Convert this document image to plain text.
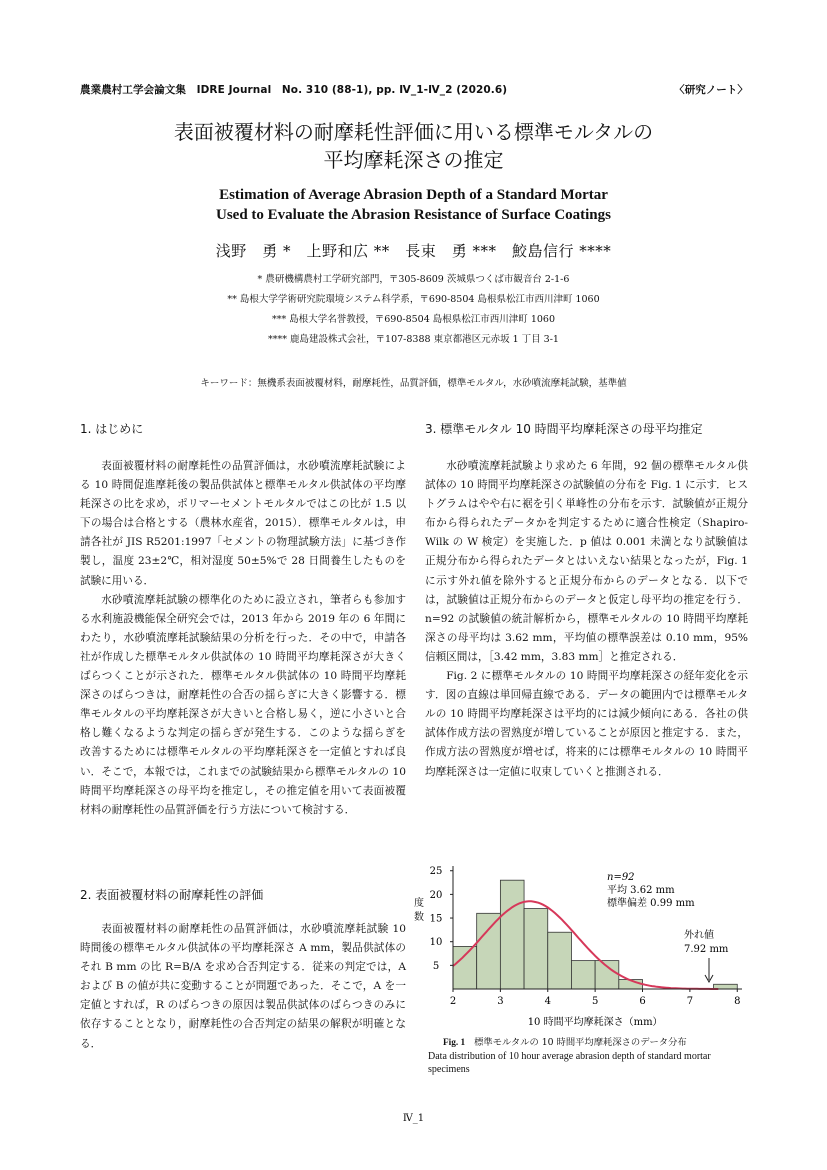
農業農村工学会論文集　IDRE Journal　No. 310 (88-1), pp. Ⅳ_1-Ⅳ_2 (2020.6)	〈研究ノート〉
表面被覆材料の耐摩耗性評価に用いる標準モルタルの
平均摩耗深さの推定
Estimation of Average Abrasion Depth of a Standard Mortar
Used to Evaluate the Abrasion Resistance of Surface Coatings
浅野　勇 *　上野和広 **　長束　勇 ***　鮫島信行 ****
* 農研機構農村工学研究部門，〒305-8609 茨城県つくば市観音台 2-1-6
** 島根大学学術研究院環境システム科学系，〒690-8504 島根県松江市西川津町 1060
*** 島根大学名誉教授，〒690-8504 島根県松江市西川津町 1060
**** 鹿島建設株式会社，〒107-8388 東京都港区元赤坂 1 丁目 3-1
キーワード：無機系表面被覆材料，耐摩耗性，品質評価，標準モルタル，水砂噴流摩耗試験，基準値
1. はじめに

表面被覆材料の耐摩耗性の品質評価は，水砂噴流摩耗試験による 10 時間促進摩耗後の製品供試体と標準モルタル供試体の平均摩耗深さの比を求め，ポリマーセメントモルタルではこの比が 1.5 以下の場合は合格とする（農林水産省，2015）．標準モルタルは，申請各社が JIS R5201:1997「セメントの物理試験方法」に基づき作製し，温度 23±2℃，相対湿度 50±5%で 28 日間養生したものを試験に用いる．

水砂噴流摩耗試験の標準化のために設立され，筆者らも参加する水利施設機能保全研究会では，2013 年から 2019 年の 6 年間にわたり，水砂噴流摩耗試験結果の分析を行った．その中で，申請各社が作成した標準モルタル供試体の 10 時間平均摩耗深さが大きくばらつくことが示された．標準モルタル供試体の 10 時間平均摩耗深さのばらつきは，耐摩耗性の合否の揺らぎに大きく影響する．標準モルタルの平均摩耗深さが大きいと合格し易く，逆に小さいと合格し難くなるような判定の揺らぎが発生する．このような揺らぎを改善するためには標準モルタルの平均摩耗深さを一定値とすれば良い．そこで，本報では，これまでの試験結果から標準モルタルの 10 時間平均摩耗深さの母平均を推定し，その推定値を用いて表面被覆材料の耐摩耗性の品質評価を行う方法について検討する．

2. 表面被覆材料の耐摩耗性の評価

表面被覆材料の耐摩耗性の品質評価は，水砂噴流摩耗試験 10 時間後の標準モルタル供試体の平均摩耗深さ A mm，製品供試体のそれ B mm の比 R=B/A を求め合否判定する．従来の判定では，A および B の値が共に変動することが問題であった．そこで，A を一定値とすれば，R のばらつきの原因は製品供試体のばらつきのみに依存することとなり，耐摩耗性の合否判定の結果の解釈が明確となる．

3. 標準モルタル 10 時間平均摩耗深さの母平均推定

水砂噴流摩耗試験より求めた 6 年間，92 個の標準モルタル供試体の 10 時間平均摩耗深さの試験値の分布を Fig. 1 に示す．ヒストグラムはやや右に裾を引く単峰性の分布を示す．試験値が正規分布から得られたデータかを判定するために適合性検定（Shapiro-Wilk の W 検定）を実施した．p 値は 0.001 未満となり試験値は正規分布から得られたデータとはいえない結果となったが，Fig. 1 に示す外れ値を除外すると正規分布からのデータとなる．以下では，試験値は正規分布からのデータと仮定し母平均の推定を行う．n=92 の試験値の統計解析から，標準モルタルの 10 時間平均摩耗深さの母平均は 3.62 mm，平均値の標準誤差は 0.10 mm，95%信頼区間は，［3.42 mm，3.83 mm］と推定される．

Fig. 2 に標準モルタルの 10 時間平均摩耗深さの経年変化を示す．図の直線は単回帰直線である．データの範囲内では標準モルタルの 10 時間平均摩耗深さは平均的には減少傾向にある．各社の供試体作成方法の習熟度が増していることが原因と推定する．また，作成方法の習熟度が増せば，将来的には標準モルタルの 10 時間平均摩耗深さは一定値に収束していくと推測される．

2	3	4	5	6	7	8
5
10
15
20
25
度数
10 時間平均摩耗深さ（mm）
n=92
平均 3.62 mm
標準偏差 0.99 mm
外れ値
7.92 mm
Fig. 1 標準モルタルの 10 時間平均摩耗深さのデータ分布
Data distribution of 10 hour average abrasion depth of standard mortar specimens
Ⅳ_1
